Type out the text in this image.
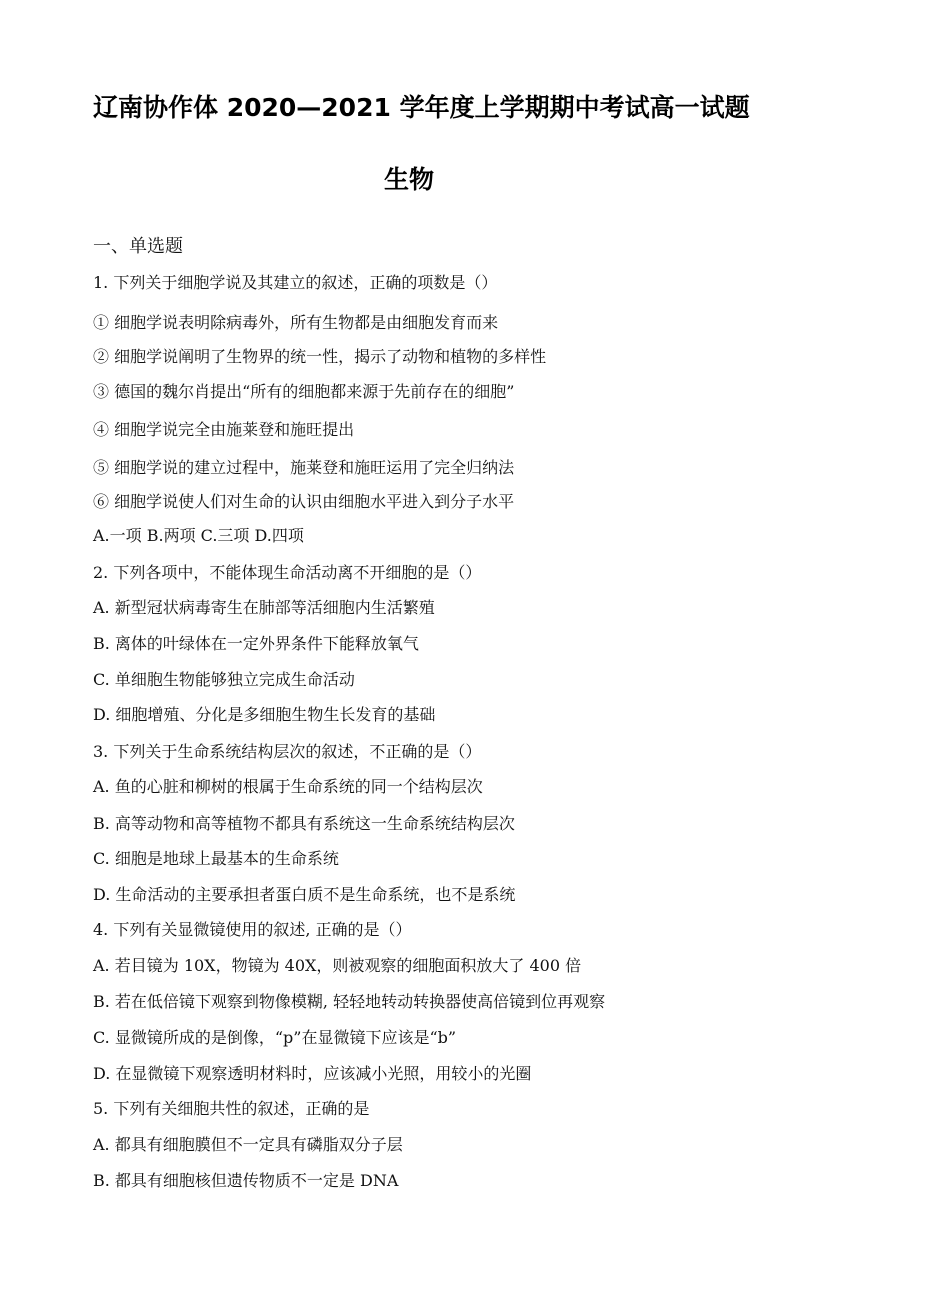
辽南协作体 2020—2021 学年度上学期期中考试高一试题
生物
一、单选题
1. 下列关于细胞学说及其建立的叙述，正确的项数是（）
① 细胞学说表明除病毒外，所有生物都是由细胞发育而来
② 细胞学说阐明了生物界的统一性，揭示了动物和植物的多样性
③ 德国的魏尔肖提出“所有的细胞都来源于先前存在的细胞”
④ 细胞学说完全由施莱登和施旺提出
⑤ 细胞学说的建立过程中，施莱登和施旺运用了完全归纳法
⑥ 细胞学说使人们对生命的认识由细胞水平进入到分子水平
A.一项 B.两项 C.三项 D.四项
2. 下列各项中，不能体现生命活动离不开细胞的是（）
A. 新型冠状病毒寄生在肺部等活细胞内生活繁殖
B. 离体的叶绿体在一定外界条件下能释放氧气
C. 单细胞生物能够独立完成生命活动
D. 细胞增殖、分化是多细胞生物生长发育的基础
3. 下列关于生命系统结构层次的叙述，不正确的是（）
A. 鱼的心脏和柳树的根属于生命系统的同一个结构层次
B. 高等动物和高等植物不都具有系统这一生命系统结构层次
C. 细胞是地球上最基本的生命系统
D. 生命活动的主要承担者蛋白质不是生命系统，也不是系统
4. 下列有关显微镜使用的叙述, 正确的是（）
A. 若目镜为 10X，物镜为 40X，则被观察的细胞面积放大了 400 倍
B. 若在低倍镜下观察到物像模糊, 轻轻地转动转换器使高倍镜到位再观察
C. 显微镜所成的是倒像，“p”在显微镜下应该是“b”
D. 在显微镜下观察透明材料时，应该减小光照，用较小的光圈
5. 下列有关细胞共性的叙述，正确的是
A. 都具有细胞膜但不一定具有磷脂双分子层
B. 都具有细胞核但遗传物质不一定是 DNA
